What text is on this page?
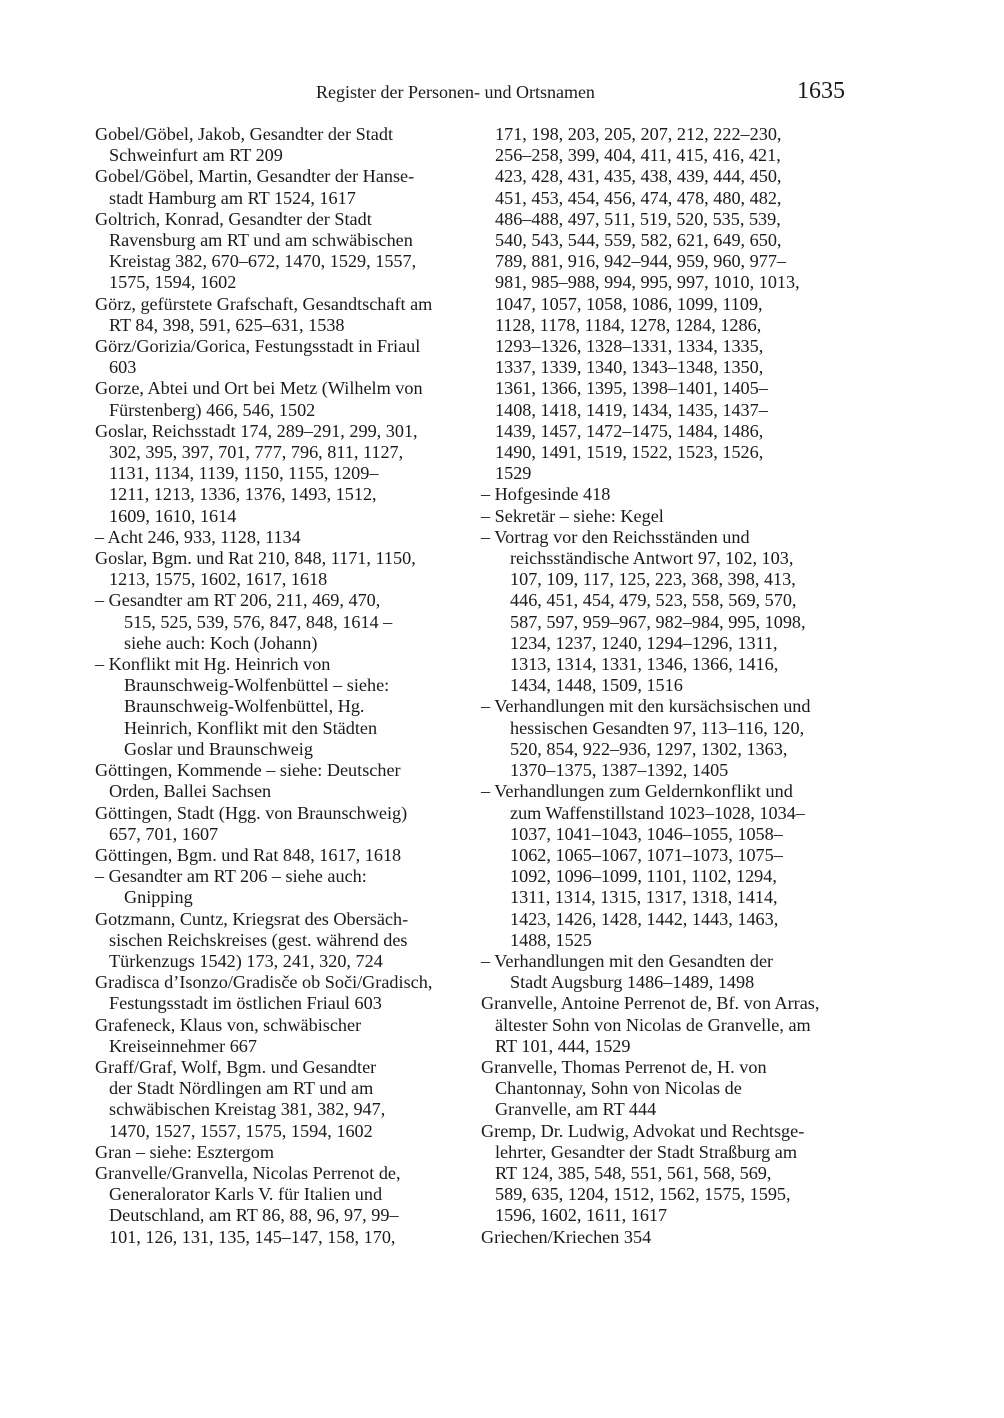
Register der Personen- und Ortsnamen	1635
Gobel/Göbel, Jakob, Gesandter der Stadt
Schweinfurt am RT 209
Gobel/Göbel, Martin, Gesandter der Hanse-
stadt Hamburg am RT 1524, 1617
Goltrich, Konrad, Gesandter der Stadt
Ravensburg am RT und am schwäbischen
Kreistag 382, 670–672, 1470, 1529, 1557,
1575, 1594, 1602
Görz, gefürstete Grafschaft, Gesandtschaft am
RT 84, 398, 591, 625–631, 1538
Görz/Gorizia/Gorica, Festungsstadt in Friaul
603
Gorze, Abtei und Ort bei Metz (Wilhelm von
Fürstenberg) 466, 546, 1502
Goslar, Reichsstadt 174, 289–291, 299, 301,
302, 395, 397, 701, 777, 796, 811, 1127,
1131, 1134, 1139, 1150, 1155, 1209–
1211, 1213, 1336, 1376, 1493, 1512,
1609, 1610, 1614
– Acht 246, 933, 1128, 1134
Goslar, Bgm. und Rat 210, 848, 1171, 1150,
1213, 1575, 1602, 1617, 1618
– Gesandter am RT 206, 211, 469, 470,
515, 525, 539, 576, 847, 848, 1614 –
siehe auch: Koch (Johann)
– Konflikt mit Hg. Heinrich von
Braunschweig-Wolfenbüttel – siehe:
Braunschweig-Wolfenbüttel, Hg.
Heinrich, Konflikt mit den Städten
Goslar und Braunschweig
Göttingen, Kommende – siehe: Deutscher
Orden, Ballei Sachsen
Göttingen, Stadt (Hgg. von Braunschweig)
657, 701, 1607
Göttingen, Bgm. und Rat 848, 1617, 1618
– Gesandter am RT 206 – siehe auch:
Gnipping
Gotzmann, Cuntz, Kriegsrat des Obersäch-
sischen Reichskreises (gest. während des
Türkenzugs 1542) 173, 241, 320, 724
Gradisca d’Isonzo/Gradisče ob Soči/Gradisch,
Festungsstadt im östlichen Friaul 603
Grafeneck, Klaus von, schwäbischer
Kreiseinnehmer 667
Graff/Graf, Wolf, Bgm. und Gesandter
der Stadt Nördlingen am RT und am
schwäbischen Kreistag 381, 382, 947,
1470, 1527, 1557, 1575, 1594, 1602
Gran – siehe: Esztergom
Granvelle/Granvella, Nicolas Perrenot de,
Generalorator Karls V. für Italien und
Deutschland, am RT 86, 88, 96, 97, 99–
101, 126, 131, 135, 145–147, 158, 170,
171, 198, 203, 205, 207, 212, 222–230,
256–258, 399, 404, 411, 415, 416, 421,
423, 428, 431, 435, 438, 439, 444, 450,
451, 453, 454, 456, 474, 478, 480, 482,
486–488, 497, 511, 519, 520, 535, 539,
540, 543, 544, 559, 582, 621, 649, 650,
789, 881, 916, 942–944, 959, 960, 977–
981, 985–988, 994, 995, 997, 1010, 1013,
1047, 1057, 1058, 1086, 1099, 1109,
1128, 1178, 1184, 1278, 1284, 1286,
1293–1326, 1328–1331, 1334, 1335,
1337, 1339, 1340, 1343–1348, 1350,
1361, 1366, 1395, 1398–1401, 1405–
1408, 1418, 1419, 1434, 1435, 1437–
1439, 1457, 1472–1475, 1484, 1486,
1490, 1491, 1519, 1522, 1523, 1526,
1529
– Hofgesinde 418
– Sekretär – siehe: Kegel
– Vortrag vor den Reichsständen und
reichsständische Antwort 97, 102, 103,
107, 109, 117, 125, 223, 368, 398, 413,
446, 451, 454, 479, 523, 558, 569, 570,
587, 597, 959–967, 982–984, 995, 1098,
1234, 1237, 1240, 1294–1296, 1311,
1313, 1314, 1331, 1346, 1366, 1416,
1434, 1448, 1509, 1516
– Verhandlungen mit den kursächsischen und
hessischen Gesandten 97, 113–116, 120,
520, 854, 922–936, 1297, 1302, 1363,
1370–1375, 1387–1392, 1405
– Verhandlungen zum Geldernkonflikt und
zum Waffenstillstand 1023–1028, 1034–
1037, 1041–1043, 1046–1055, 1058–
1062, 1065–1067, 1071–1073, 1075–
1092, 1096–1099, 1101, 1102, 1294,
1311, 1314, 1315, 1317, 1318, 1414,
1423, 1426, 1428, 1442, 1443, 1463,
1488, 1525
– Verhandlungen mit den Gesandten der
Stadt Augsburg 1486–1489, 1498
Granvelle, Antoine Perrenot de, Bf. von Arras,
ältester Sohn von Nicolas de Granvelle, am
RT 101, 444, 1529
Granvelle, Thomas Perrenot de, H. von
Chantonnay, Sohn von Nicolas de
Granvelle, am RT 444
Gremp, Dr. Ludwig, Advokat und Rechtsge-
lehrter, Gesandter der Stadt Straßburg am
RT 124, 385, 548, 551, 561, 568, 569,
589, 635, 1204, 1512, 1562, 1575, 1595,
1596, 1602, 1611, 1617
Griechen/Kriechen 354
